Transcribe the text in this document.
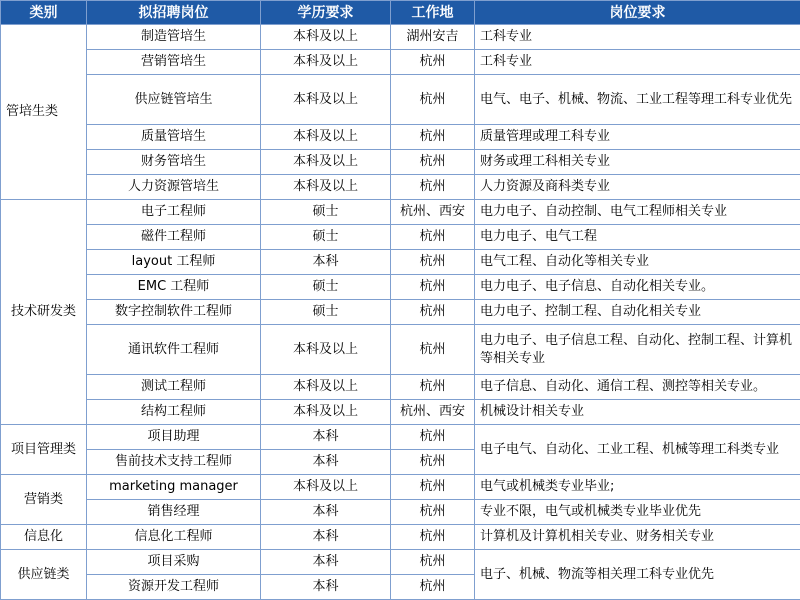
类别	拟招聘岗位	学历要求	工作地	岗位要求
管培生类	制造管培生	本科及以上	湖州安吉	工科专业
	营销管培生	本科及以上	杭州	工科专业
	供应链管培生	本科及以上	杭州	电气、电子、机械、物流、工业工程等理工科专业优先
	质量管培生	本科及以上	杭州	质量管理或理工科专业
	财务管培生	本科及以上	杭州	财务或理工科相关专业
	人力资源管培生	本科及以上	杭州	人力资源及商科类专业
技术研发类	电子工程师	硕士	杭州、西安	电力电子、自动控制、电气工程师相关专业
	磁件工程师	硕士	杭州	电力电子、电气工程
	layout 工程师	本科	杭州	电气工程、自动化等相关专业
	EMC 工程师	硕士	杭州	电力电子、电子信息、自动化相关专业。
	数字控制软件工程师	硕士	杭州	电力电子、控制工程、自动化相关专业
	通讯软件工程师	本科及以上	杭州	电力电子、电子信息工程、自动化、控制工程、计算机等相关专业
	测试工程师	本科及以上	杭州	电子信息、自动化、通信工程、测控等相关专业。
	结构工程师	本科及以上	杭州、西安	机械设计相关专业
项目管理类	项目助理	本科	杭州	电子电气、自动化、工业工程、机械等理工科类专业
	售前技术支持工程师	本科	杭州	
营销类	marketing manager	本科及以上	杭州	电气或机械类专业毕业;
	销售经理	本科	杭州	专业不限，电气或机械类专业毕业优先
信息化	信息化工程师	本科	杭州	计算机及计算机相关专业、财务相关专业
供应链类	项目采购	本科	杭州	电子、机械、物流等相关理工科专业优先
	资源开发工程师	本科	杭州	
